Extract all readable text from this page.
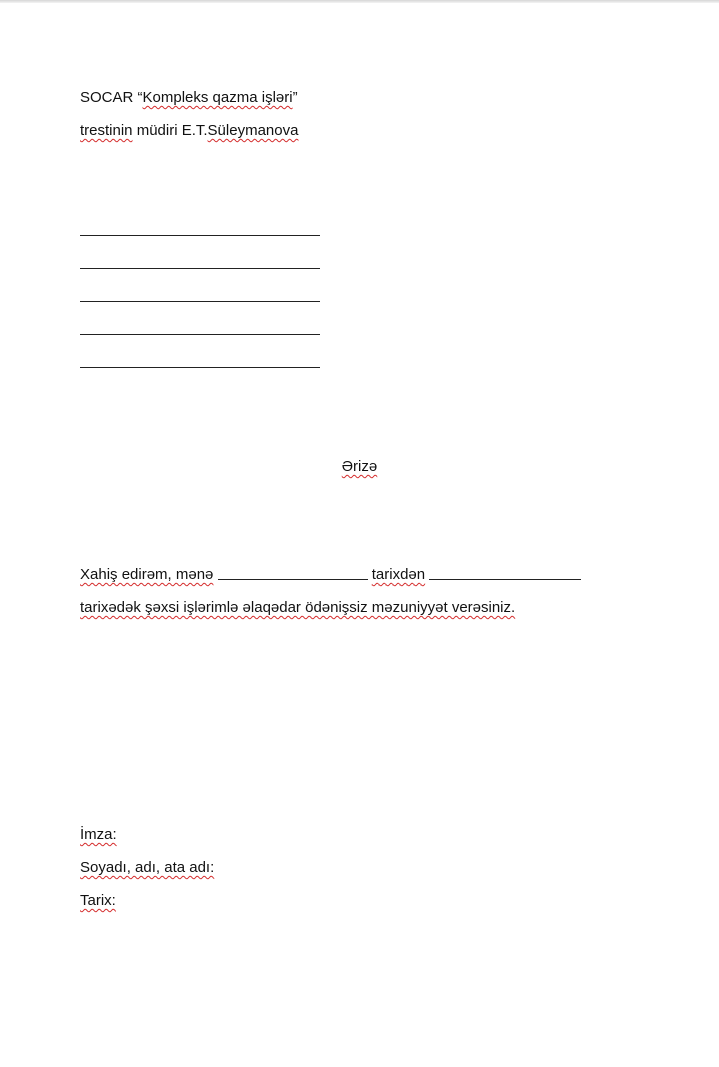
SOCAR “Kompleks qazma işləri”
trestinin müdiri E.T.Süleymanova
Ərizə
Xahiş edirəm, mənə	tarixdən
tarixədək şəxsi işlərimlə əlaqədar ödənişsiz məzuniyyət verəsiniz.
İmza:
Soyadı, adı, ata adı:
Tarix:
